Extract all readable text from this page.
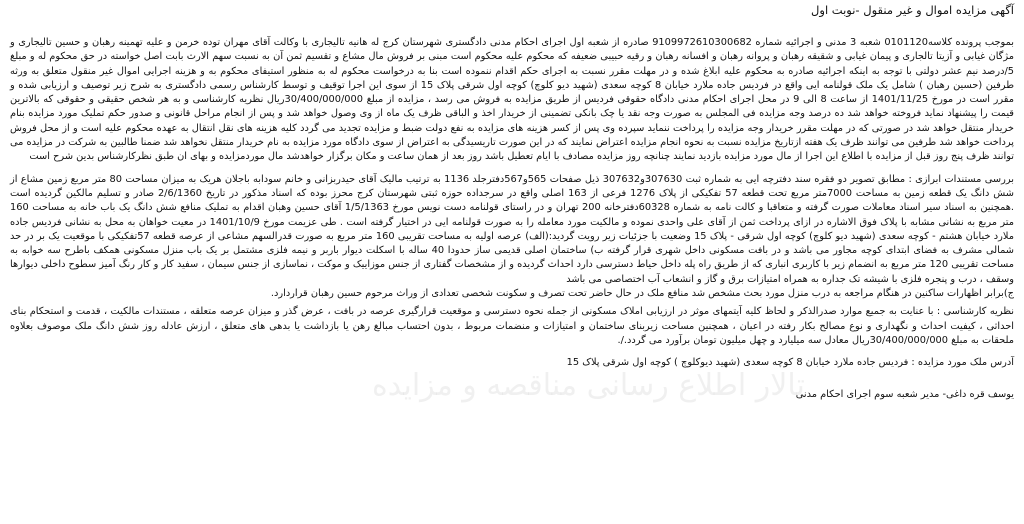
آگهی مزایده اموال و غیر منقول -نوبت اول

بموجب پرونده کلاسه0101120 شعبه 3 مدنی و اجرائیه شماره 9109972610300682 صادره از شعبه اول اجرای احکام مدنی دادگستری شهرستان کرج له هانیه تالیجاری با وکالت آقای مهران توده خرمن و علیه تهمینه رهبان و حسین تالیجاری و مژگان غیابی و آزیتا تالجاری و پیمان غیابی و شقیقه رهبان و پروانه رهبان و افسانه رهبان و رقیه حبیبی ضعیفه که محکوم علیه محکوم است مبنی بر فروش مال مشاع و تقسیم ثمن آن به نسبت سهم الارث بابت اصل خواسته در حق محکوم له و مبلغ 5/درصد نیم عشر دولتی با توجه به اینکه اجرائیه صادره به محکوم علیه ابلاغ شده و در مهلت مقرر نسبت به اجرای حکم اقدام ننموده است بنا به درخواست محکوم له به منظور استیفای محکوم به و هزینه اجرایی اموال غیر منقول متعلق به ورثه طرفین (حسین رهبان ) شامل یک ملک قولنامه ایی واقع در فردیس جاده ملارد خیابان 8 کوچه سعدی (شهید دیو کلوچ) کوچه اول شرقی پلاک 15 از سوی این اجرا توقیف و توسط کارشناس رسمی دادگستری به شرح زیر توصیف و ارزیابی شده و مقرر است در مورخ 1401/11/25 از ساعت 8 الی 9 در محل اجرای احکام مدنی دادگاه حقوقی فردیس از طریق مزایده به فروش می رسد ، مزایده از مبلغ 30/400/000/000ریال نظریه کارشناسی و به هر شخص حقیقی و حقوقی که بالاترین قیمت را پیشنهاد نماید فروخته خواهد شد ده درصد وجه مزایده فی المجلس به صورت وجه نقد یا چک بانکی تضمینی از خریدار اخذ و الباقی ظرف یک ماه از وی وصول خواهد شد و پس از انجام مراحل قانونی و صدور حکم تملیک مورد مزایده بنام خریدار منتقل خواهد شد در صورتی که در مهلت مقرر خریدار وجه مزایده را پرداخت ننماید سپرده وی پس از کسر هزینه های مزایده به نفع دولت ضبط و مزایده تجدید می گردد کلیه هزینه های نقل انتقال به عهده محکوم علیه است و از محل فروش پرداخت خواهد شد طرفین می توانند ظرف یک هفته ازتاریخ مزایده نسبت به نحوه انجام مزایده اعتراض نمایند که در این صورت تاریسیدگی به اعتراض از سوی دادگاه مورد مزایده به نام خریدار منتقل نخواهد شد ضمنا طالبین به شرکت در مزایده می توانند ظرف پنج روز قبل از مزایده با اطلاع این اجرا از مال مورد مزایده بازدید نمایند چنانچه روز مزایده مصادف با ایام تعطیل باشد روز بعد از همان ساعت و مکان برگزار خواهدشد مال موردمزایده و بهای ان طبق نظرکارشناس بدین شرح است

بررسی مستندات ابرازی : مطابق تصویر دو فقره سند دفترچه ایی به شماره ثبت 307630و307632 ذیل صفحات 565و567دفترجلد 1136 به ترتیب مالیک آقای حیدربزانی و خانم سودابه باجلان هریک به میزان مساحت 80 متر مربع زمین مشاع از شش دانگ یک قطعه زمین به مساحت 7000متر مربع تحت قطعه 57 تفکیکی از پلاک 1276 فرعی از 163 اصلی واقع در سرجداده حوزه ثبتی شهرستان کرج محرز بوده که اسناد مذکور در تاریخ 2/6/1360 صادر و تسلیم مالکین گردیده است .همچنین به اسناد سیر اسناد معاملات صورت گرفته و متعاقبا و کالت نامه به شماره 60328دفترخانه 200 تهران و در راستای قولنامه دست نویس مورخ 1/5/1363 آقای حسین وهبان اقدام به تملیک منافع شش دانگ یک باب خانه به مساحت 160 متر مربع به نشانی مشابه با پلاک فوق الاشاره در ازای پرداخت ثمن از آقای علی واحدی نموده و مالکیت مورد معامله را به صورت قولنامه ایی در اختیار گرفته است . طی عزیمت مورخ 1401/10/9 در معیت خواهان به محل به نشانی فردیس جاده ملارد خیابان هشتم - کوچه سعدی (شهید دیو کلوچ) کوچه اول شرقی - پلاک 15 وضعیت با جزئیات زیر رویت گردید:(الف) عرصه اولیه به مساحت تقریبی 160 متر مربع به صورت قدرالسهم مشاعی از عرصه قطعه 57تفکیکی با موقعیت یک بر در حد شمالی مشرف به فضای ابتدای کوچه مجاور می باشد و در بافت مسکونی داخل شهری قرار گرفته ب) ساختمان اصلی قدیمی ساز حدودا 40 ساله با اسکلت دیوار باربر و نیمه فلزی مشتمل بر یک باب منزل مسکونی همکف باطرح سه خوابه به مساحت تقریبی 120 متر مربع به انضمام زیر با کاربری انباری که از طریق راه پله داخل حیاط دسترسی دارد احداث گردیده و از مشخصات گفتاری از جنس موزاییک و موکت ، نماسازی از جنس سیمان ، سفید کار و کار رنگ آمیز سطوح داخلی دیوارها وسقف ، درب و پنجره فلزی با شیشه تک جداره به همراه امتیازات برق و گاز و انشعاب آب اختصاصی می باشد

ج)برابر اظهارات ساکنین در هنگام مراجعه به درب منزل مورد بحث مشخص شد منافع ملک در حال حاضر تحت تصرف و سکونت شخصی تعدادی از وراث مرحوم حسین رهبان قراردارد.

نظریه کارشناسی : با عنایت به جمیع موارد صدرالذکر و لحاظ کلیه آیتمهای موثر در ارزیابی املاک مسکونی از جمله نحوه دسترسی و موقعیت قرارگیری عرصه در بافت ، عرض گذر و میزان عرصه متعلقه ، مستندات مالکیت ، قدمت و استحکام بنای احداثی ، کیفیت احداث و نگهداری و نوع مصالح بکار رفته در اعیان ، همچنین مساحت زیربنای ساختمان و امتیازات و منضمات مربوط ، بدون احتساب مبالغ رهن یا بازداشت یا بدهی های متعلق ، ارزش عادله روز شش دانگ ملک موصوف بعلاوه ملحقات به مبلغ 30/400/000/000ریال معادل سه میلیارد و چهل میلیون تومان برآورد می گردد./.

آدرس ملک مورد مزایده : فردیس جاده ملارد خیابان 8 کوچه سعدی (شهید دیوکلوچ ) کوچه اول شرقی پلاک 15

یوسف قره داغی- مدیر شعبه سوم اجرای احکام مدنی

تالار اطلاع رسانی مناقصه و مزایده
